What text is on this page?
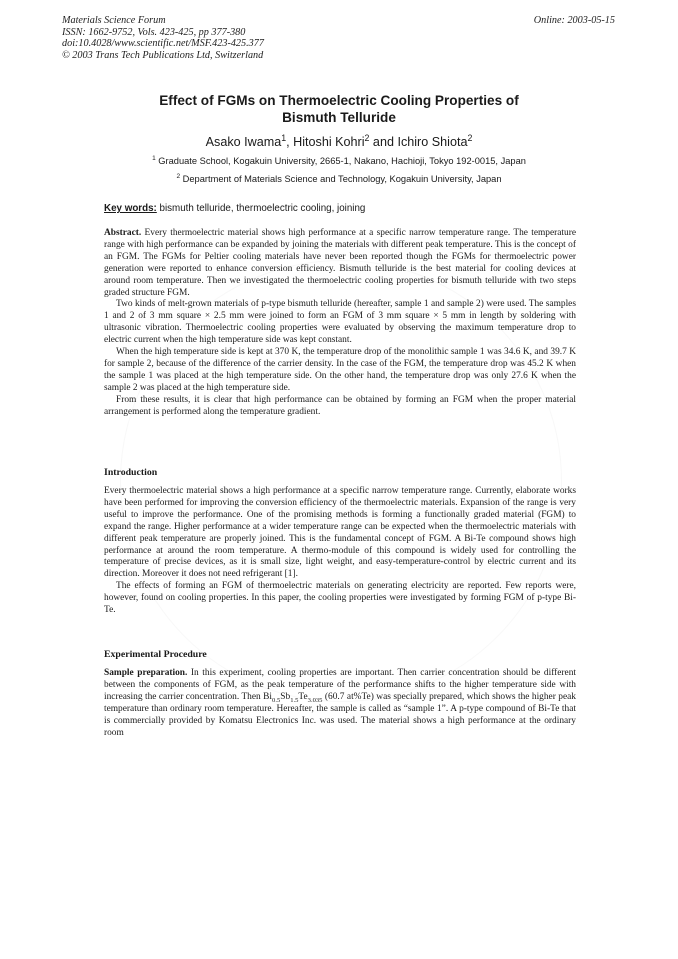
Materials Science Forum
ISSN: 1662-9752, Vols. 423-425, pp 377-380
doi:10.4028/www.scientific.net/MSF.423-425.377
© 2003 Trans Tech Publications Ltd, Switzerland
Online: 2003-05-15
Effect of FGMs on Thermoelectric Cooling Properties of
Bismuth Telluride
Asako Iwama$^1$, Hitoshi Kohri$^2$ and Ichiro Shiota$^2$
$^1$ Graduate School, Kogakuin University, 2665-1, Nakano, Hachioji, Tokyo 192-0015, Japan
$^2$ Department of Materials Science and Technology, Kogakuin University, Japan
Key words: bismuth telluride, thermoelectric cooling, joining

Abstract. Every thermoelectric material shows high performance at a specific narrow temperature range. The temperature range with high performance can be expanded by joining the materials with different peak temperature. This is the concept of an FGM. The FGMs for Peltier cooling materials have never been reported though the FGMs for thermoelectric power generation were reported to enhance conversion efficiency. Bismuth telluride is the best material for cooling devices at around room temperature. Then we investigated the thermoelectric cooling properties for bismuth telluride with two steps graded structure FGM.

Two kinds of melt-grown materials of p-type bismuth telluride (hereafter, sample 1 and sample 2) were used. The samples 1 and 2 of 3 mm square × 2.5 mm were joined to form an FGM of 3 mm square × 5 mm in length by soldering with ultrasonic vibration. Thermoelectric cooling properties were evaluated by observing the maximum temperature drop to electric current when the high temperature side was kept constant.

When the high temperature side is kept at 370 K, the temperature drop of the monolithic sample 1 was 34.6 K, and 39.7 K for sample 2, because of the difference of the carrier density. In the case of the FGM, the temperature drop was 45.2 K when the sample 1 was placed at the high temperature side. On the other hand, the temperature drop was only 27.6 K when the sample 2 was placed at the high temperature side.

From these results, it is clear that high performance can be obtained by forming an FGM when the proper material arrangement is performed along the temperature gradient.

Introduction

Every thermoelectric material shows a high performance at a specific narrow temperature range. Currently, elaborate works have been performed for improving the conversion efficiency of the thermoelectric materials. Expansion of the range is very useful to improve the performance. One of the promising methods is forming a functionally graded material (FGM) to expand the range. Higher performance at a wider temperature range can be expected when the thermoelectric materials with different peak temperature are properly joined. This is the fundamental concept of FGM. A Bi-Te compound shows high performance at around the room temperature. A thermo-module of this compound is widely used for controlling the temperature of precise devices, as it is small size, light weight, and easy-temperature-control by electric current and its direction. Moreover it does not need refrigerant [1].

The effects of forming an FGM of thermoelectric materials on generating electricity are reported. Few reports were, however, found on cooling properties. In this paper, the cooling properties were investigated by forming FGM of p-type Bi-Te.

Experimental Procedure

Sample preparation. In this experiment, cooling properties are important. Then carrier concentration should be different between the components of FGM, as the peak temperature of the performance shifts to the higher temperature side with increasing the carrier concentration. Then $Bi_{0.5}Sb_{1.5}Te_{3.035}$ (60.7 at%Te) was specially prepared, which shows the higher peak temperature than ordinary room temperature. Hereafter, the sample is called as “sample 1”. A p-type compound of Bi-Te that is commercially provided by Komatsu Electronics Inc. was used. The material shows a high performance at the ordinary room
